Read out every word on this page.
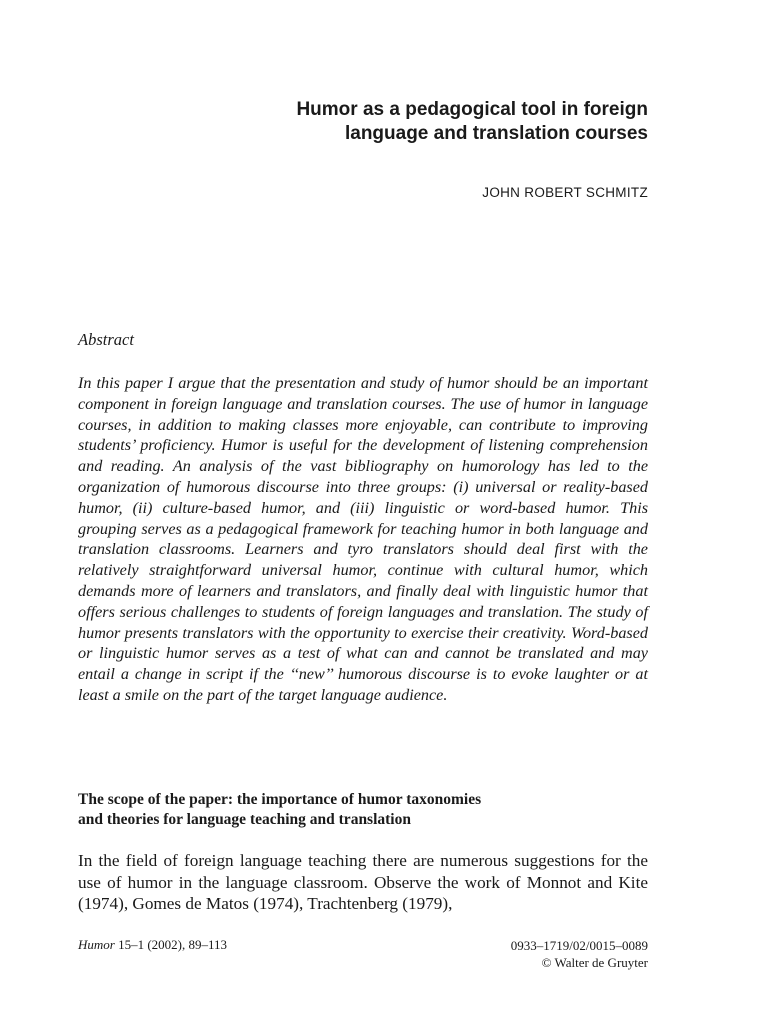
Humor as a pedagogical tool in foreign
language and translation courses
JOHN ROBERT SCHMITZ
Abstract
In this paper I argue that the presentation and study of humor should be an important component in foreign language and translation courses. The use of humor in language courses, in addition to making classes more enjoyable, can contribute to improving students’ proficiency. Humor is useful for the development of listening comprehension and reading. An analysis of the vast bibliography on humorology has led to the organization of humorous discourse into three groups: (i) universal or reality-based humor, (ii) culture-based humor, and (iii) linguistic or word-based humor. This grouping serves as a pedagogical framework for teaching humor in both language and translation classrooms. Learners and tyro translators should deal first with the relatively straightforward universal humor, continue with cultural humor, which demands more of learners and translators, and finally deal with linguistic humor that offers serious challenges to students of foreign languages and translation. The study of humor presents translators with the opportunity to exercise their creativity. Word-based or linguistic humor serves as a test of what can and cannot be translated and may entail a change in script if the ‘‘new’’ humorous discourse is to evoke laughter or at least a smile on the part of the target language audience.
The scope of the paper: the importance of humor taxonomies
and theories for language teaching and translation
In the field of foreign language teaching there are numerous suggestions for the use of humor in the language classroom. Observe the work of Monnot and Kite (1974), Gomes de Matos (1974), Trachtenberg (1979),
Humor 15–1 (2002), 89–113	0933–1719/02/0015–0089
© Walter de Gruyter
